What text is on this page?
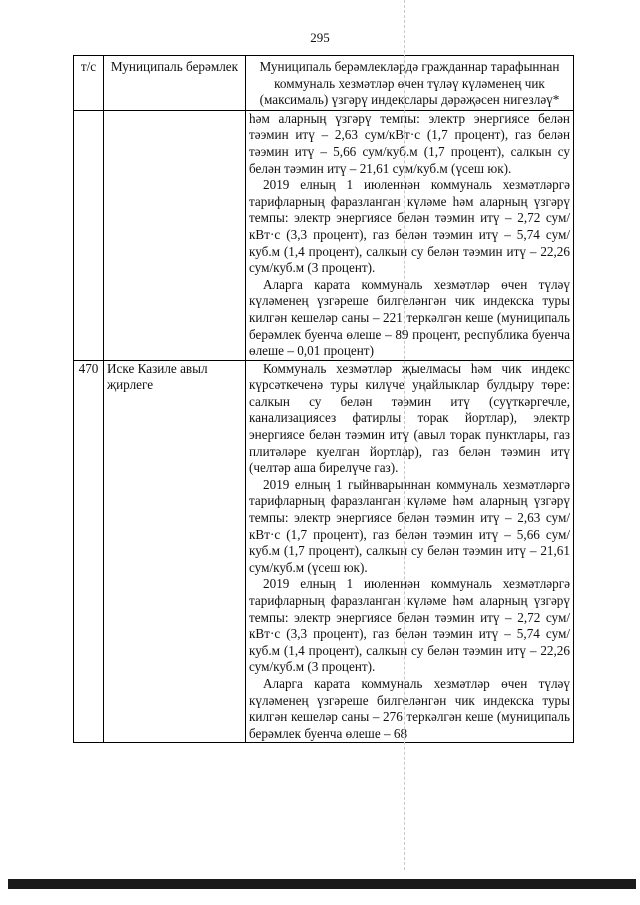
295
т/с	Муниципаль берәмлек	Муниципаль берәмлекләрдә гражданнар тарафыннан коммуналь хезмәтләр өчен түләү күләменең чик (максималь) үзгәрү индекслары дәрәҗәсен нигезләү*

		һәм аларның үзгәрү темпы: электр энергиясе белән тәэмин итү – 2,63 сум/кВт·с (1,7 процент), газ белән тәэмин итү – 5,66 сум/куб.м (1,7 процент), салкын су белән тәэмин итү – 21,61 сум/куб.м (үсеш юк).

2019 елның 1 июленнән коммуналь хезмәтләргә тарифларның фаразланган күләме һәм аларның үзгәрү темпы: электр энергиясе белән тәэмин итү – 2,72 сум/кВт·с (3,3 процент), газ белән тәэмин итү – 5,74 сум/куб.м (1,4 процент), салкын су белән тәэмин итү – 22,26 сум/куб.м (3 процент).

Аларга карата коммуналь хезмәтләр өчен түләү күләменең үзгәреше билгеләнгән чик индекска туры килгән кешеләр саны – 221 теркәлгән кеше (муниципаль берәмлек буенча өлеше – 89 процент, республика буенча өлеше – 0,01 процент)

470	Иске Казиле авыл җирлеге	Коммуналь хезмәтләр җыелмасы һәм чик индекс күрсәткеченә туры килүче уңайлыклар булдыру төре: салкын су белән тәэмин итү (суүткәргечле, канализациясез фатирлы торак йортлар), электр энергиясе белән тәэмин итү (авыл торак пунктлары, газ плитәләре куелган йортлар), газ белән тәэмин итү (челтәр аша бирелүче газ).

2019 елның 1 гыйнварыннан коммуналь хезмәтләргә тарифларның фаразланган күләме һәм аларның үзгәрү темпы: электр энергиясе белән тәэмин итү – 2,63 сум/кВт·с (1,7 процент), газ белән тәэмин итү – 5,66 сум/куб.м (1,7 процент), салкын су белән тәэмин итү – 21,61 сум/куб.м (үсеш юк).

2019 елның 1 июленнән коммуналь хезмәтләргә тарифларның фаразланган күләме һәм аларның үзгәрү темпы: электр энергиясе белән тәэмин итү – 2,72 сум/кВт·с (3,3 процент), газ белән тәэмин итү – 5,74 сум/куб.м (1,4 процент), салкын су белән тәэмин итү – 22,26 сум/куб.м (3 процент).

Аларга карата коммуналь хезмәтләр өчен түләү күләменең үзгәреше билгеләнгән чик индекска туры килгән кешеләр саны – 276 теркәлгән кеше (муниципаль берәмлек буенча өлеше – 68
